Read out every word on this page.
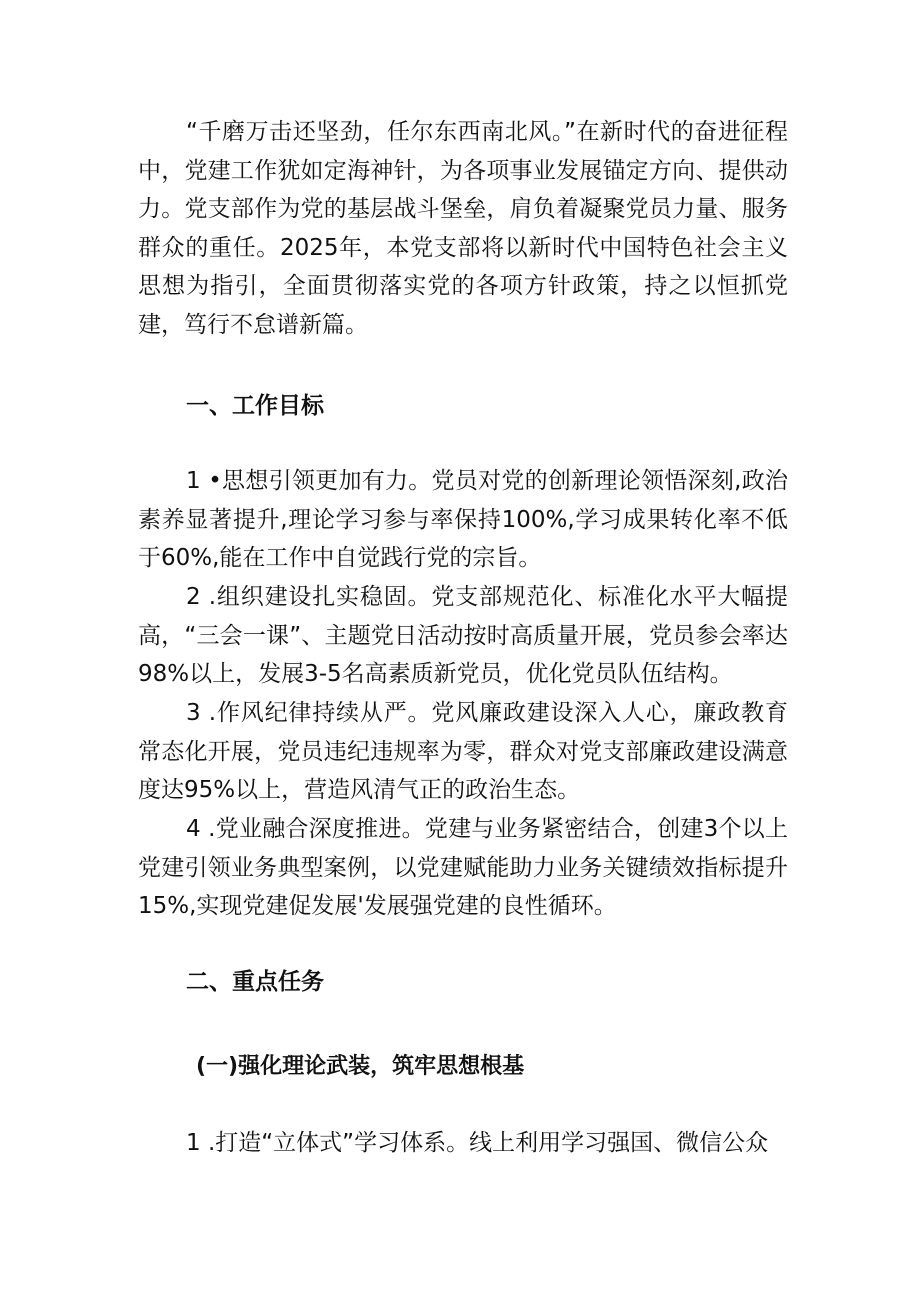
“千磨万击还坚劲，任尔东西南北风。”在新时代的奋进征程中，党建工作犹如定海神针，为各项事业发展锚定方向、提供动力。党支部作为党的基层战斗堡垒，肩负着凝聚党员力量、服务群众的重任。2025年，本党支部将以新时代中国特色社会主义思想为指引，全面贯彻落实党的各项方针政策，持之以恒抓党建，笃行不怠谱新篇。

一、工作目标

1 •思想引领更加有力。党员对党的创新理论领悟深刻,政治素养显著提升,理论学习参与率保持100%,学习成果转化率不低于60%,能在工作中自觉践行党的宗旨。

2 .组织建设扎实稳固。党支部规范化、标准化水平大幅提高，“三会一课”、主题党日活动按时高质量开展，党员参会率达98%以上，发展3-5名高素质新党员，优化党员队伍结构。

3 .作风纪律持续从严。党风廉政建设深入人心，廉政教育常态化开展，党员违纪违规率为零，群众对党支部廉政建设满意度达95%以上，营造风清气正的政治生态。

4 .党业融合深度推进。党建与业务紧密结合，创建3个以上党建引领业务典型案例，以党建赋能助力业务关键绩效指标提升15%,实现党建促发展'发展强党建的良性循环。

二、重点任务
(一)强化理论武装，筑牢思想根基

1 .打造“立体式”学习体系。线上利用学习强国、微信公众
